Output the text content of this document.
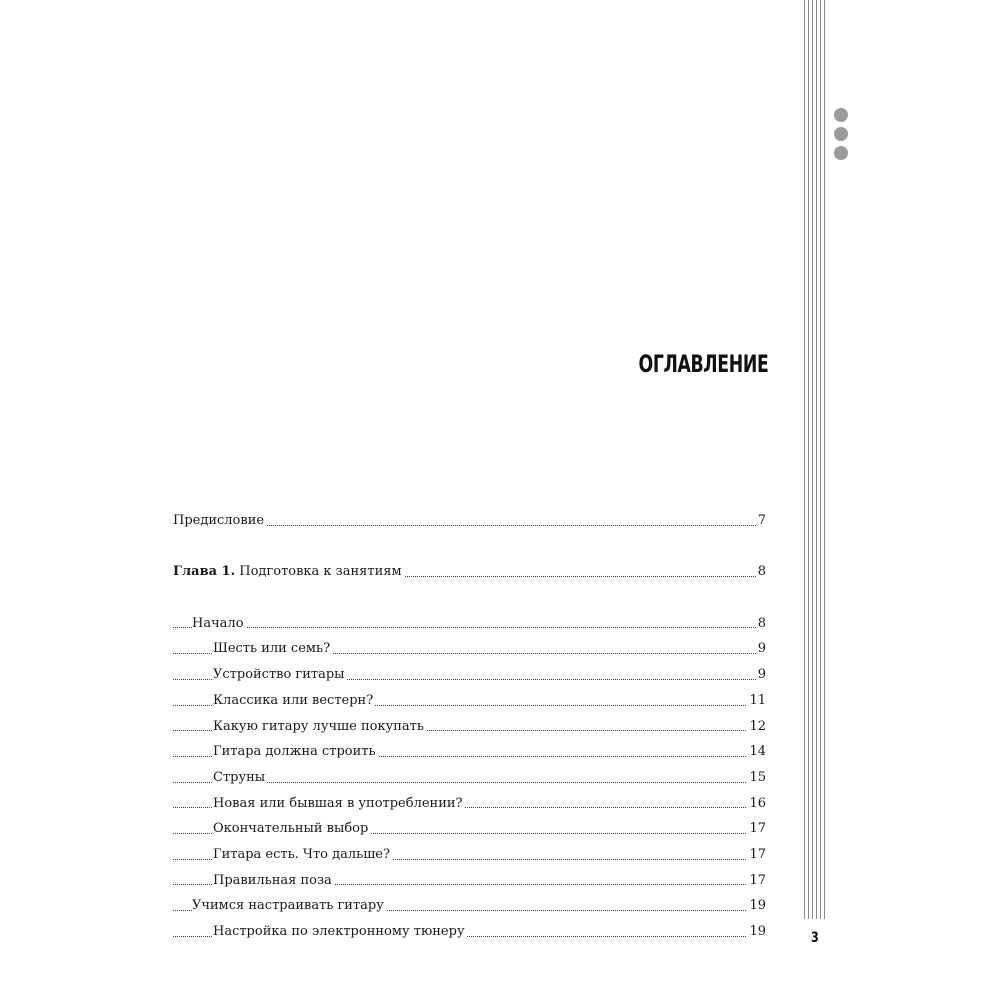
ОГЛАВЛЕНИЕ
Предисловие	7
Глава 1. Подготовка к занятиям	8
Начало	8
Шесть или семь?	9
Устройство гитары	9
Классика или вестерн?	11
Какую гитару лучше покупать	12
Гитара должна строить	14
Струны	15
Новая или бывшая в употреблении?	16
Окончательный выбор	17
Гитара есть. Что дальше?	17
Правильная поза	17
Учимся настраивать гитару	19
Настройка по электронному тюнеру	19	3
